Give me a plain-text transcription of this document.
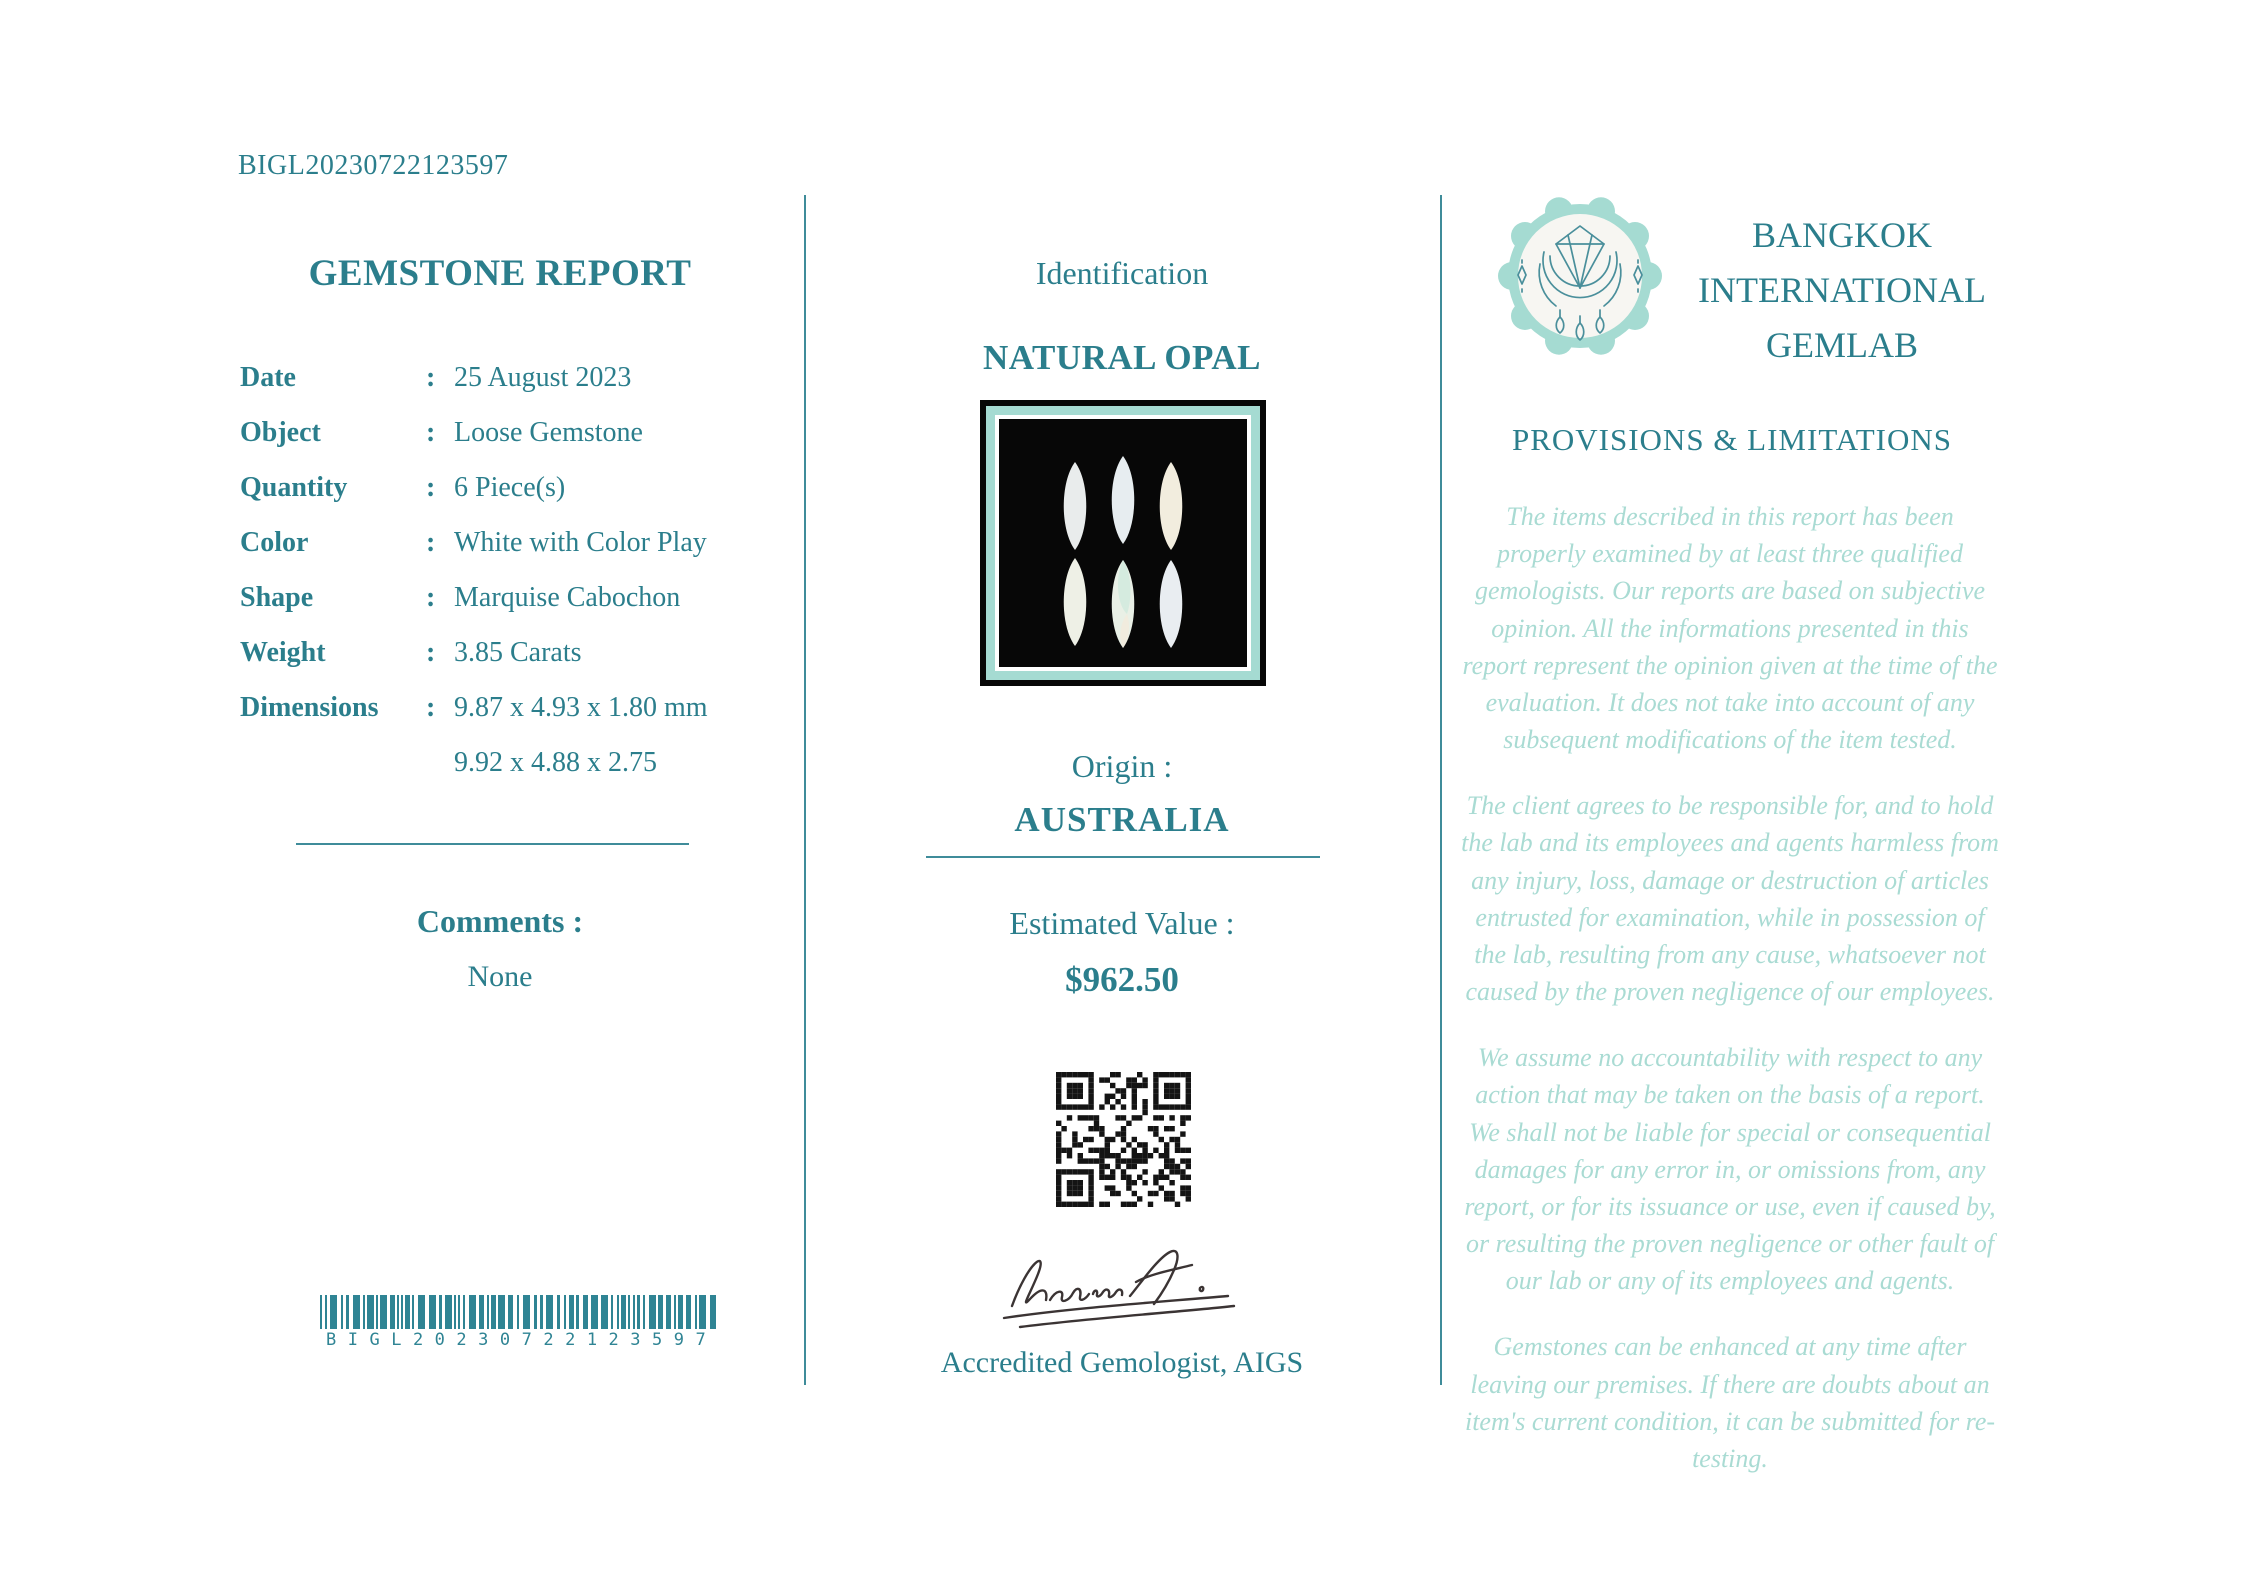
BIGL20230722123597
GEMSTONE REPORT
Date	: 25 August 2023
Object	: Loose Gemstone
Quantity	: 6 Piece(s)
Color	: White with Color Play
Shape	: Marquise Cabochon
Weight	: 3.85 Carats
Dimensions	: 9.87 x 4.93 x 1.80 mm
9.92 x 4.88 x 2.75
Comments :
None
BIGL20230722123597
Identification
NATURAL OPAL
Origin :
AUSTRALIA
Estimated Value :
$962.50
Accredited Gemologist, AIGS
BANGKOK
INTERNATIONAL
GEMLAB
PROVISIONS & LIMITATIONS

The items described in this report has been properly examined by at least three qualified gemologists. Our reports are based on subjective opinion. All the informations presented in this report represent the opinion given at the time of the evaluation. It does not take into account of any subsequent modifications of the item tested.

The client agrees to be responsible for, and to hold the lab and its employees and agents harmless from any injury, loss, damage or destruction of articles entrusted for examination, while in possession of the lab, resulting from any cause, whatsoever not caused by the proven negligence of our employees.

We assume no accountability with respect to any action that may be taken on the basis of a report. We shall not be liable for special or consequential damages for any error in, or omissions from, any report, or for its issuance or use, even if caused by, or resulting the proven negligence or other fault of our lab or any of its employees and agents.

Gemstones can be enhanced at any time after leaving our premises. If there are doubts about an item's current condition, it can be submitted for re-testing.
